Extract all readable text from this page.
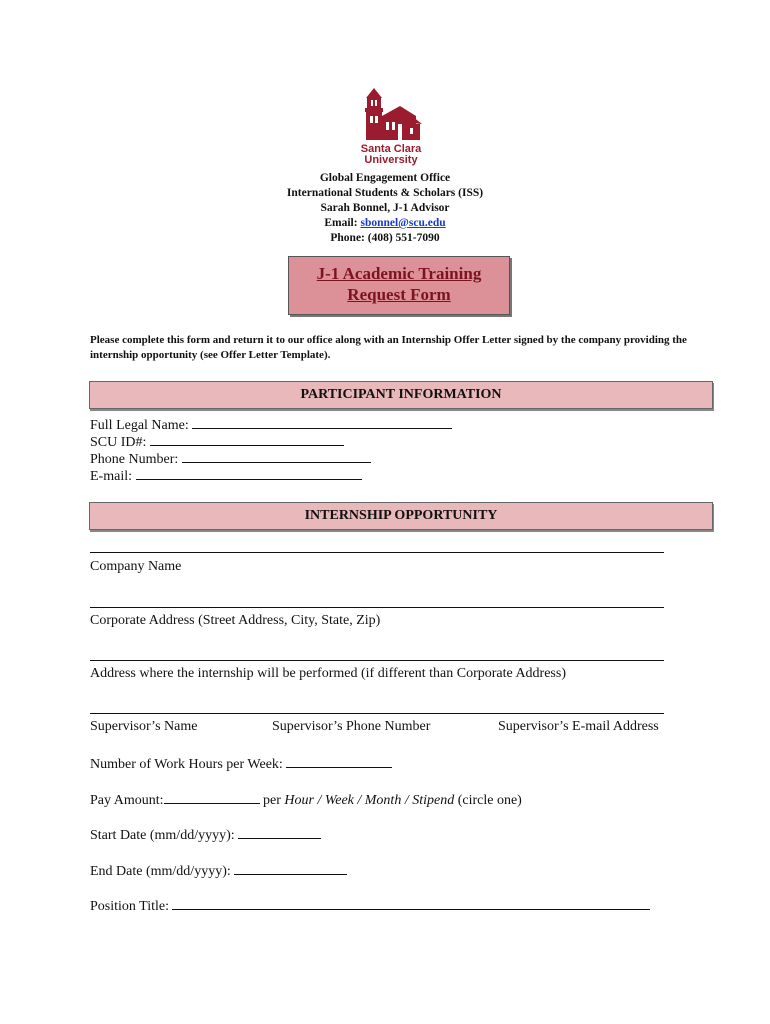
Santa Clara
University
Global Engagement Office
International Students & Scholars (ISS)
Sarah Bonnel, J-1 Advisor
Email: sbonnel@scu.edu
Phone: (408) 551-7090
J-1 Academic Training
Request Form
Please complete this form and return it to our office along with an Internship Offer Letter signed by the company providing the internship opportunity (see Offer Letter Template).
PARTICIPANT INFORMATION
Full Legal Name:
SCU ID#:
Phone Number:
E-mail:
INTERNSHIP OPPORTUNITY
Company Name
Corporate Address (Street Address, City, State, Zip)
Address where the internship will be performed (if different than Corporate Address)
Supervisor’s Name	Supervisor’s Phone Number	Supervisor’s E-mail Address
Number of Work Hours per Week:
Pay Amount:	per Hour / Week / Month / Stipend (circle one)
Start Date (mm/dd/yyyy):
End Date (mm/dd/yyyy):
Position Title:
